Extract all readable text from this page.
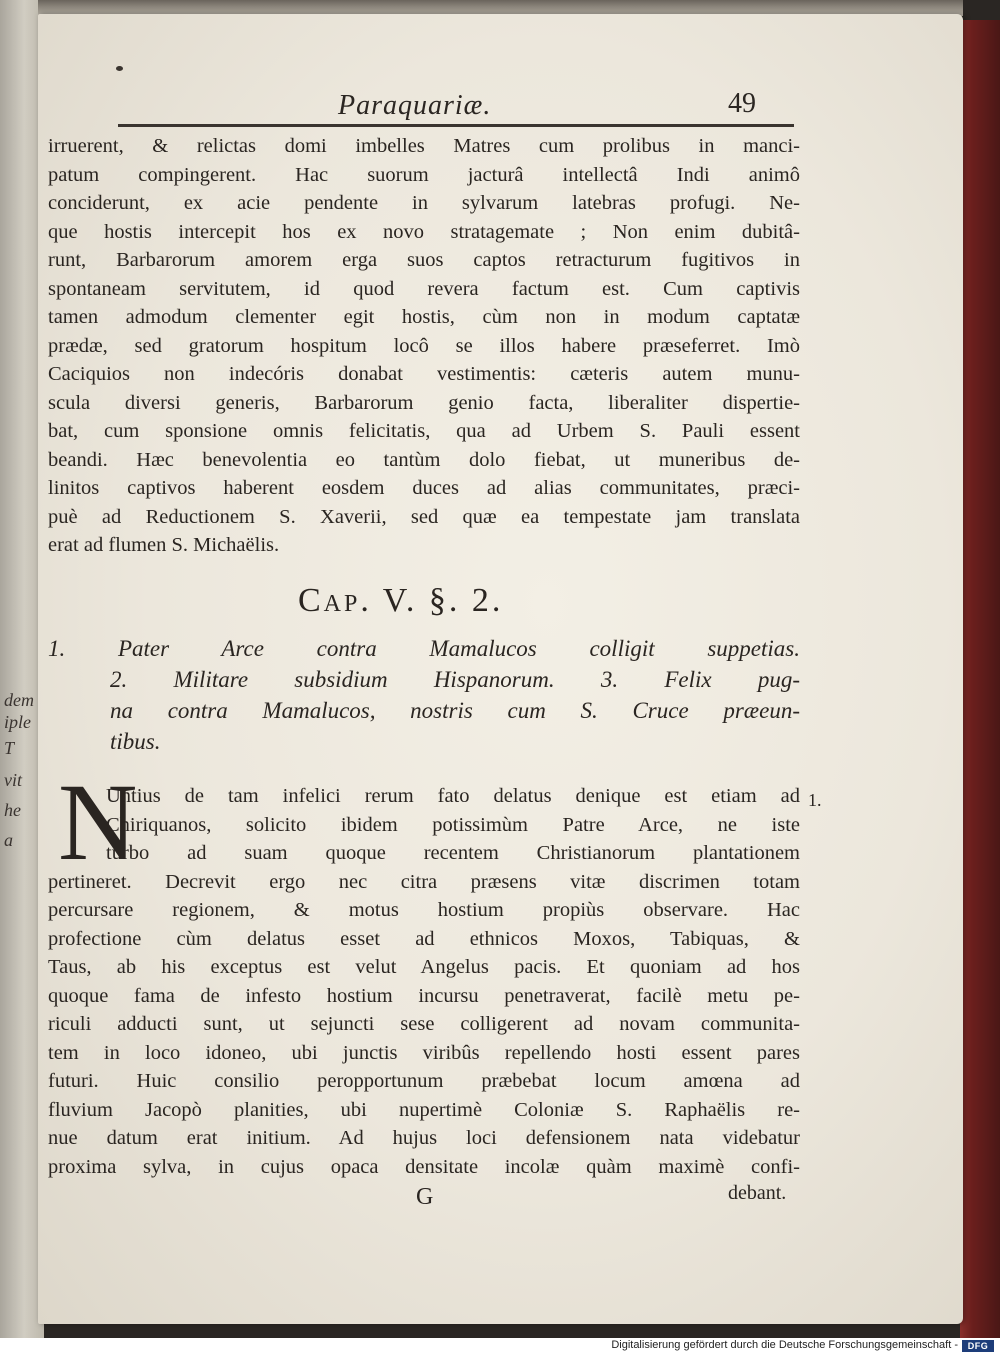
dem
iple
T
vit
he
a
Paraquariæ.	49
irruerent, & relictas domi imbelles Matres cum prolibus in manci-
patum compingerent. Hac suorum jacturâ intellectâ Indi animô
conciderunt, ex acie pendente in sylvarum latebras profugi. Ne-
que hostis intercepit hos ex novo stratagemate ; Non enim dubitâ-
runt, Barbarorum amorem erga suos captos retracturum fugitivos in
spontaneam servitutem, id quod revera factum est. Cum captivis
tamen admodum clementer egit hostis, cùm non in modum captatæ
prædæ, sed gratorum hospitum locô se illos habere præseferret. Imò
Caciquios non indecóris donabat vestimentis: cæteris autem munu-
scula diversi generis, Barbarorum genio facta, liberaliter dispertie-
bat, cum sponsione omnis felicitatis, qua ad Urbem S. Pauli essent
beandi. Hæc benevolentia eo tantùm dolo fiebat, ut muneribus de-
linitos captivos haberent eosdem duces ad alias communitates, præci-
puè ad Reductionem S. Xaverii, sed quæ ea tempestate jam translata
erat ad flumen S. Michaëlis.
Cap. V. §. 2.
1. Pater Arce contra Mamalucos colligit suppetias.
2. Militare subsidium Hispanorum. 3. Felix pug-
na contra Mamalucos, nostris cum S. Cruce præeun-
tibus.
N
Untius de tam infelici rerum fato delatus denique est etiam ad
Chiriquanos, solicito ibidem potissimùm Patre Arce, ne iste
turbo ad suam quoque recentem Christianorum plantationem
pertineret. Decrevit ergo nec citra præsens vitæ discrimen totam
percursare regionem, & motus hostium propiùs observare. Hac
profectione cùm delatus esset ad ethnicos Moxos, Tabiquas, &
Taus, ab his exceptus est velut Angelus pacis. Et quoniam ad hos
quoque fama de infesto hostium incursu penetraverat, facilè metu pe-
riculi adducti sunt, ut sejuncti sese colligerent ad novam communita-
tem in loco idoneo, ubi junctis viribûs repellendo hosti essent pares
futuri. Huic consilio peropportunum præbebat locum amœna ad
fluvium Jacopò planities, ubi nupertimè Coloniæ S. Raphaëlis re-
nue datum erat initium. Ad hujus loci defensionem nata videbatur
proxima sylva, in cujus opaca densitate incolæ quàm maximè confi-
1.
G	debant.
Digitalisierung gefördert durch die Deutsche Forschungsgemeinschaft -	DFG
